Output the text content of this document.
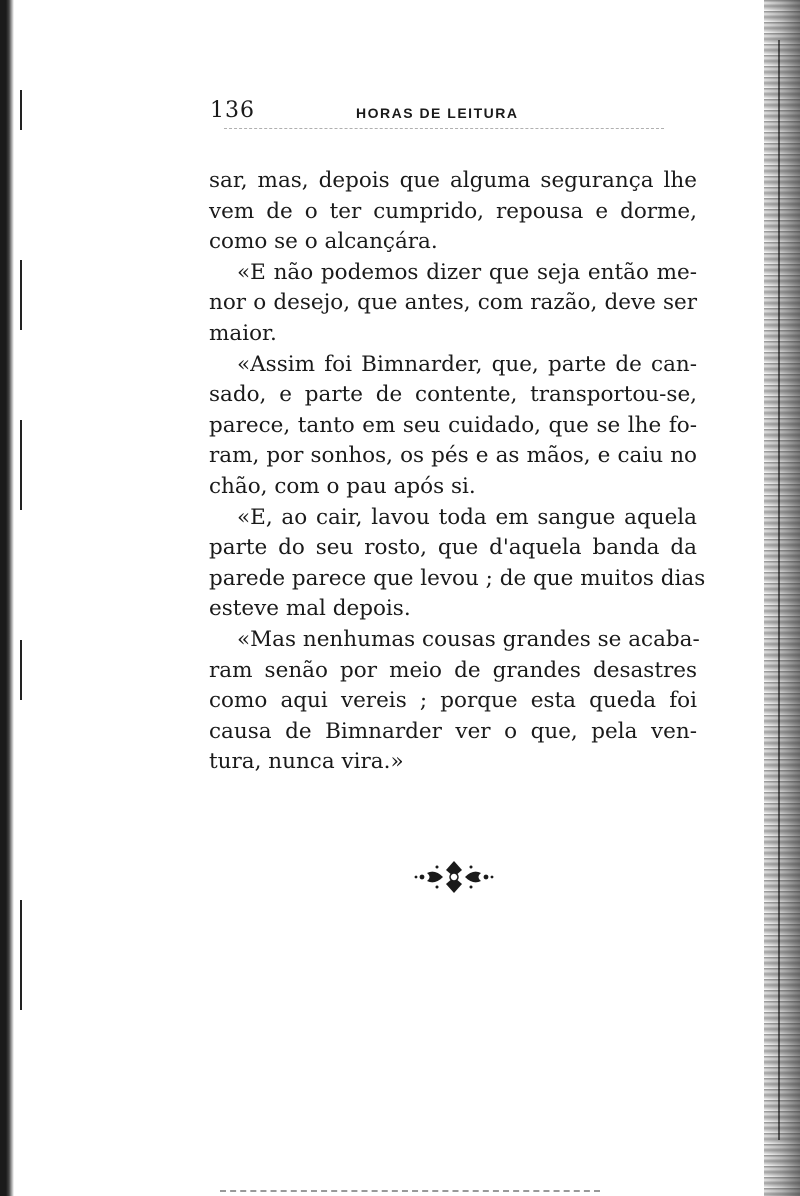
136	HORAS DE LEITURA
sar, mas, depois que alguma segurança lhe
vem de o ter cumprido, repousa e dorme,
como se o alcançára.
«E não podemos dizer que seja então me-
nor o desejo, que antes, com razão, deve ser
maior.
«Assim foi Bimnarder, que, parte de can-
sado, e parte de contente, transportou-se,
parece, tanto em seu cuidado, que se lhe fo-
ram, por sonhos, os pés e as mãos, e caiu no
chão, com o pau após si.
«E, ao cair, lavou toda em sangue aquela
parte do seu rosto, que d'aquela banda da
parede parece que levou ; de que muitos dias
esteve mal depois.
«Mas nenhumas cousas grandes se acaba-
ram senão por meio de grandes desastres
como aqui vereis ; porque esta queda foi
causa de Bimnarder ver o que, pela ven-
tura, nunca vira.»
